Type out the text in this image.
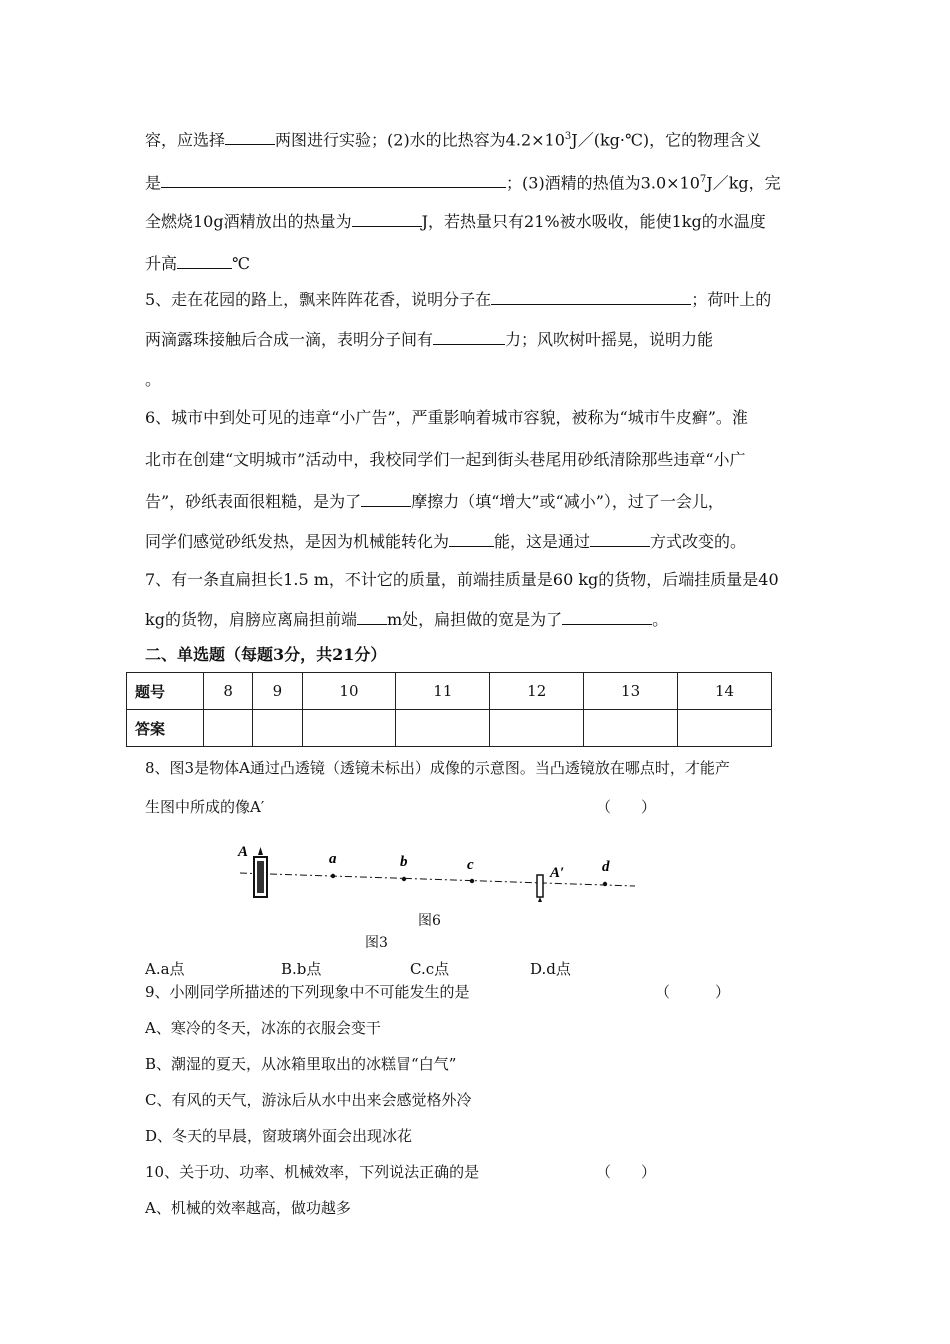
容，应选择	两图进行实验；(2)水的比热容为$4.2\times 10^3J/(kg\cdot℃)$，它的物理含义
是	；(3)酒精的热值为$3.0\times 10^7J/kg$，完
全燃烧10g酒精放出的热量为	J，若热量只有21%被水吸收，能使1kg的水温度
升高	℃
5、走在花园的路上，飘来阵阵花香，说明分子在	；荷叶上的
两滴露珠接触后合成一滴，表明分子间有	力；风吹树叶摇晃，说明力能
。
6、城市中到处可见的违章“小广告”，严重影响着城市容貌，被称为“城市牛皮癣”。淮
北市在创建“文明城市”活动中，我校同学们一起到街头巷尾用砂纸清除那些违章“小广
告”，砂纸表面很粗糙，是为了	摩擦力（填“增大”或“减小”），过了一会儿，
同学们感觉砂纸发热，是因为机械能转化为	能，这是通过	方式改变的。
7、有一条直扁担长1.5 m，不计它的质量，前端挂质量是60 kg的货物，后端挂质量是40
kg的货物，肩膀应离扁担前端 m处，扁担做的宽是为了	。
二、单选题（每题3分，共21分）
题号	8	9	10	11	12	13	14
答案							
8、图3是物体A通过凸透镜（透镜未标出）成像的示意图。当凸透镜放在哪点时，才能产
生图中所成的像A′	（　　）
A	a	b	c	A′	d
图6
图3
A.a点	B.b点	C.c点	D.d点
9、小刚同学所描述的下列现象中不可能发生的是	（　　　）
A、寒冷的冬天，冰冻的衣服会变干
B、潮湿的夏天，从冰箱里取出的冰糕冒“白气”
C、有风的天气，游泳后从水中出来会感觉格外冷
D、冬天的早晨，窗玻璃外面会出现冰花
10、关于功、功率、机械效率，下列说法正确的是	（　　）
A、机械的效率越高，做功越多
